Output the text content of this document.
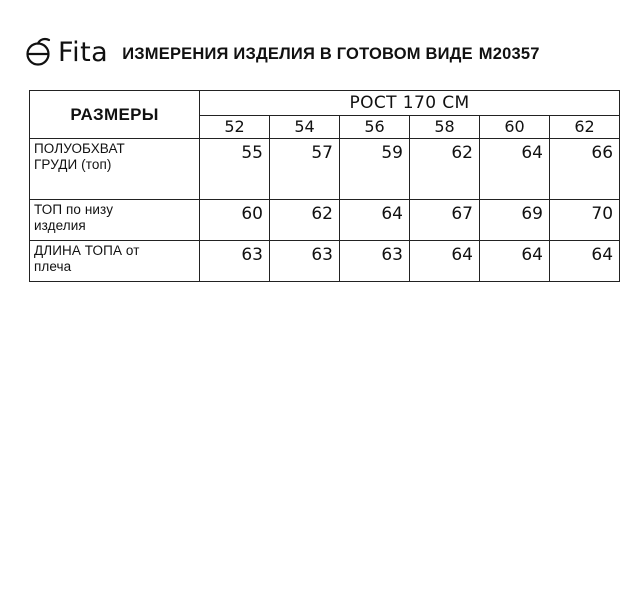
Fita ИЗМЕРЕНИЯ ИЗДЕЛИЯ В ГОТОВОМ ВИДЕ M20357
РАЗМЕРЫ	РОСТ 170 СМ					
	52	54	56	58	60	62

ПОЛУОБХВАТ
ГРУДИ (топ)	55	57	59	62	64	66

ТОП по низу
изделия	60	62	64	67	69	70

ДЛИНА ТОПА от
плеча	63	63	63	64	64	64
